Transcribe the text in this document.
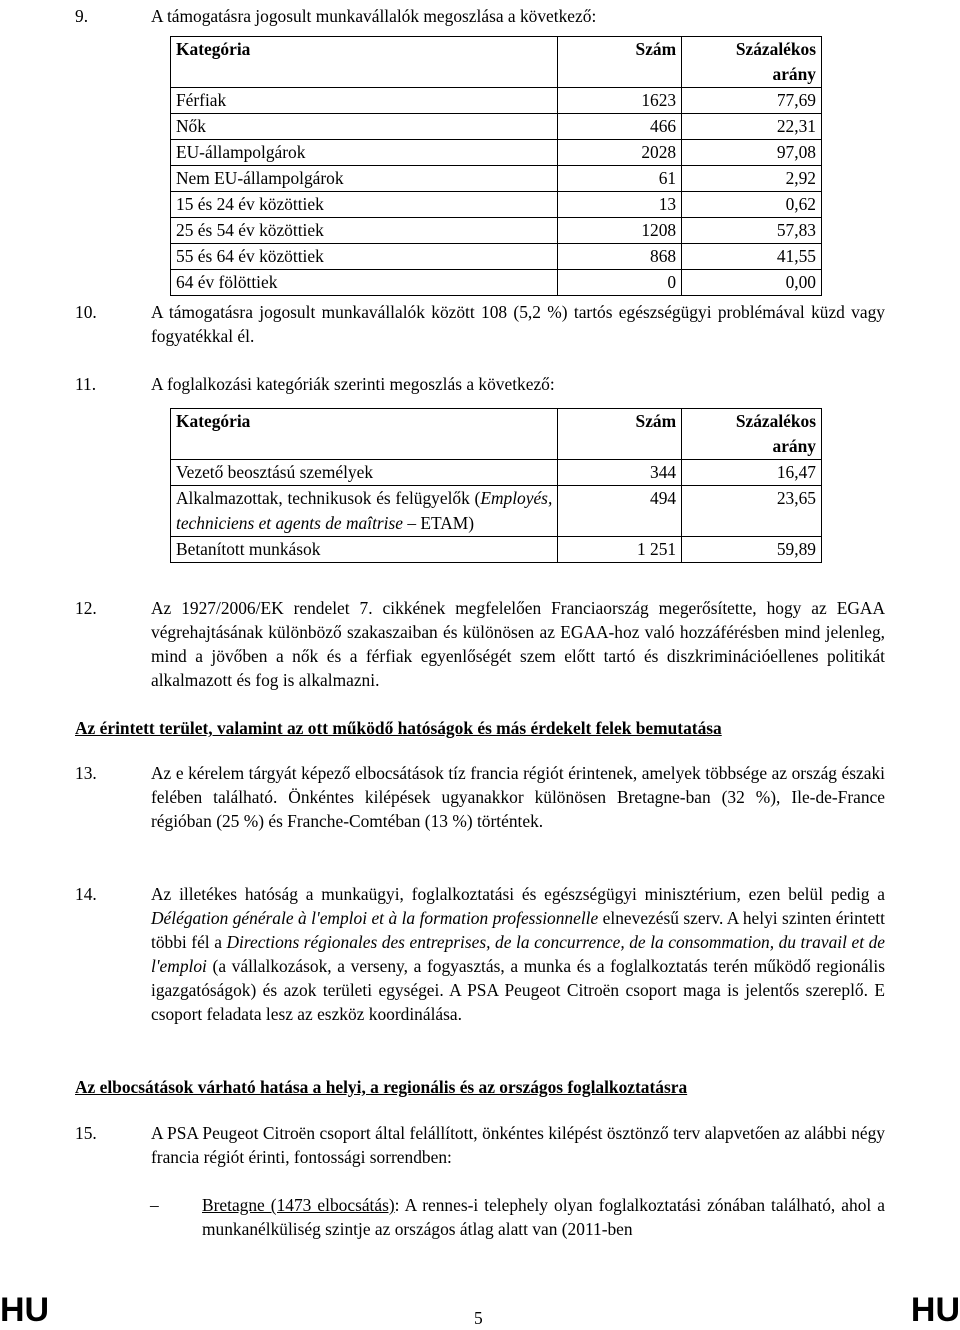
9.	A támogatásra jogosult munkavállalók megoszlása a következő:

Kategória	Szám	Százalékos
arány
Férfiak	1623	77,69
Nők	466	22,31
EU-állampolgárok	2028	97,08
Nem EU-állampolgárok	61	2,92
15 és 24 év közöttiek	13	0,62
25 és 54 év közöttiek	1208	57,83
55 és 64 év közöttiek	868	41,55
64 év fölöttiek	0	0,00
10.	A támogatásra jogosult munkavállalók között 108 (5,2 %) tartós egészségügyi problémával küzd vagy fogyatékkal él.

11.	A foglalkozási kategóriák szerinti megoszlás a következő:

Kategória	Szám	Százalékos
arány
Vezető beosztású személyek	344	16,47
Alkalmazottak, technikusok és felügyelők (Employés, techniciens et agents de maîtrise – ETAM)	494	23,65
Betanított munkások	1 251	59,89
12.	Az 1927/2006/EK rendelet 7. cikkének megfelelően Franciaország megerősítette, hogy az EGAA végrehajtásának különböző szakaszaiban és különösen az EGAA-hoz való hozzáférésben mind jelenleg, mind a jövőben a nők és a férfiak egyenlőségét szem előtt tartó és diszkriminációellenes politikát alkalmazott és fog is alkalmazni.

Az érintett terület, valamint az ott működő hatóságok és más érdekelt felek bemutatása
13.	Az e kérelem tárgyát képező elbocsátások tíz francia régiót érintenek, amelyek többsége az ország északi felében található. Önkéntes kilépések ugyanakkor különösen Bretagne-ban (32 %), Ile-de-France régióban (25 %) és Franche-Comtéban (13 %) történtek.

14.	Az illetékes hatóság a munkaügyi, foglalkoztatási és egészségügyi minisztérium, ezen belül pedig a Délégation générale à l'emploi et à la formation professionnelle elnevezésű szerv. A helyi szinten érintett többi fél a Directions régionales des entreprises, de la concurrence, de la consommation, du travail et de l'emploi (a vállalkozások, a verseny, a fogyasztás, a munka és a foglalkoztatás terén működő regionális igazgatóságok) és azok területi egységei. A PSA Peugeot Citroën csoport maga is jelentős szereplő. E csoport feladata lesz az eszköz koordinálása.

Az elbocsátások várható hatása a helyi, a regionális és az országos foglalkoztatásra
15.	A PSA Peugeot Citroën csoport által felállított, önkéntes kilépést ösztönző terv alapvetően az alábbi négy francia régiót érinti, fontossági sorrendben:

– Bretagne (1473 elbocsátás): A rennes-i telephely olyan foglalkoztatási zónában található, ahol a munkanélküliség szintje az országos átlag alatt van (2011-ben
HU	5	HU
